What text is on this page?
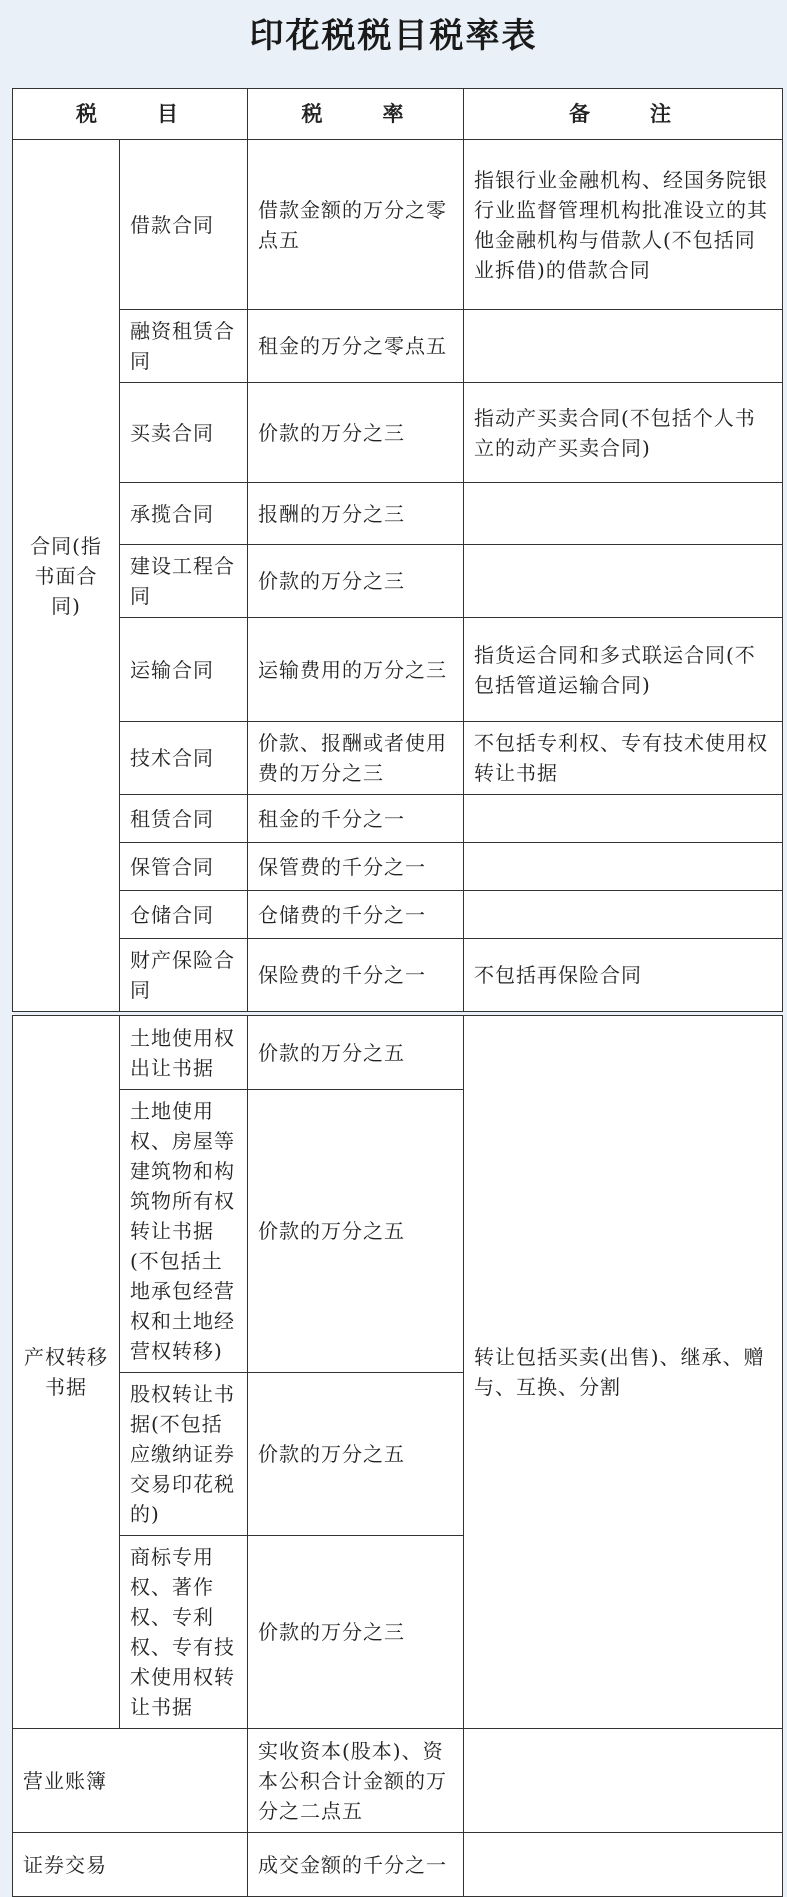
印花税税目税率表
税　　目		税　　率	备　　注
合同(指书面合同)	借款合同	借款金额的万分之零点五	指银行业金融机构、经国务院银行业监督管理机构批准设立的其他金融机构与借款人(不包括同业拆借)的借款合同
	融资租赁合同	租金的万分之零点五	
	买卖合同	价款的万分之三	指动产买卖合同(不包括个人书立的动产买卖合同)
	承揽合同	报酬的万分之三	
	建设工程合同	价款的万分之三	
	运输合同	运输费用的万分之三	指货运合同和多式联运合同(不包括管道运输合同)
	技术合同	价款、报酬或者使用费的万分之三	不包括专利权、专有技术使用权转让书据
	租赁合同	租金的千分之一	
	保管合同	保管费的千分之一	
	仓储合同	仓储费的千分之一	
	财产保险合同	保险费的千分之一	不包括再保险合同

产权转移书据	土地使用权出让书据	价款的万分之五	转让包括买卖(出售)、继承、赠与、互换、分割
	土地使用权、房屋等建筑物和构筑物所有权转让书据(不包括土地承包经营权和土地经营权转移)	价款的万分之五	
	股权转让书据(不包括应缴纳证券交易印花税的)	价款的万分之五	
	商标专用权、著作权、专利权、专有技术使用权转让书据	价款的万分之三	
营业账簿		实收资本(股本)、资本公积合计金额的万分之二点五	
证券交易		成交金额的千分之一	
